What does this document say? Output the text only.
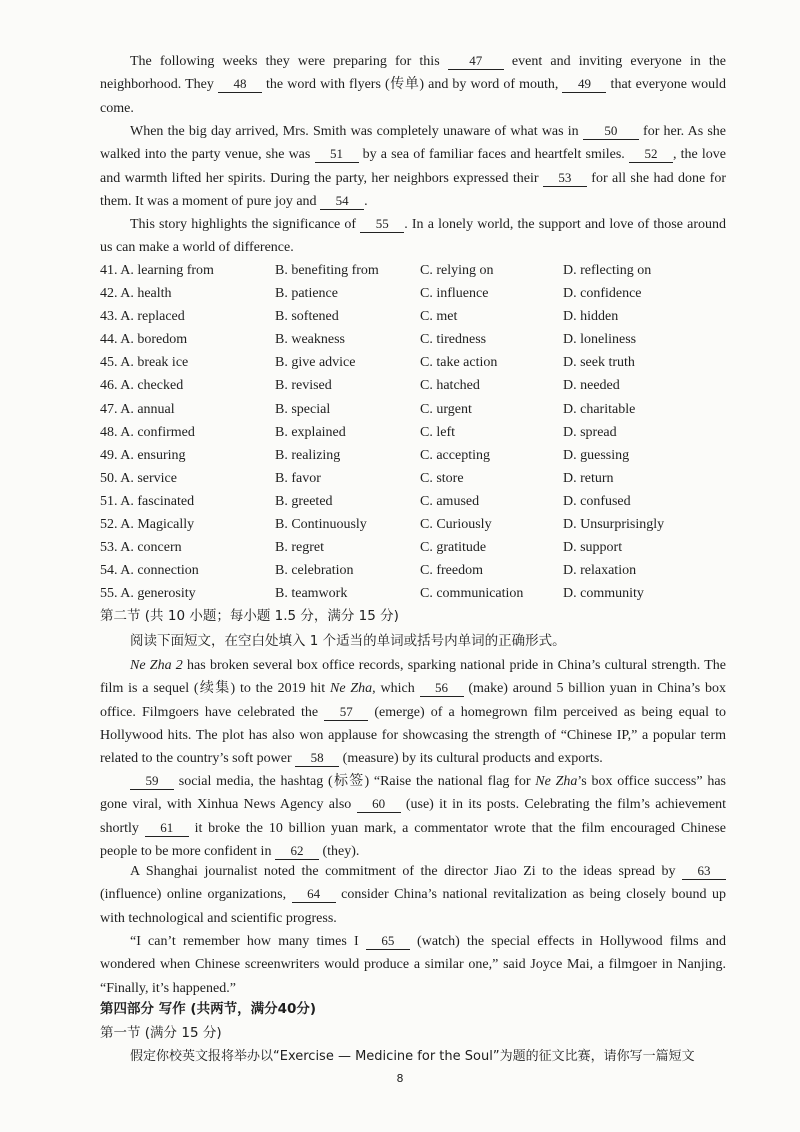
The following weeks they were preparing for this 47 event and inviting everyone in the neighborhood. They 48 the word with flyers (传单) and by word of mouth, 49 that everyone would come.

When the big day arrived, Mrs. Smith was completely unaware of what was in 50 for her. As she walked into the party venue, she was 51 by a sea of familiar faces and heartfelt smiles. 52 , the love and warmth lifted her spirits. During the party, her neighbors expressed their 53 for all she had done for them. It was a moment of pure joy and 54 .

This story highlights the significance of 55 . In a lonely world, the support and love of those around us can make a world of difference.

41. A. learning from	B. benefiting from	C. relying on	D. reflecting on
42. A. health	B. patience	C. influence	D. confidence
43. A. replaced	B. softened	C. met	D. hidden
44. A. boredom	B. weakness	C. tiredness	D. loneliness
45. A. break ice	B. give advice	C. take action	D. seek truth
46. A. checked	B. revised	C. hatched	D. needed
47. A. annual	B. special	C. urgent	D. charitable
48. A. confirmed	B. explained	C. left	D. spread
49. A. ensuring	B. realizing	C. accepting	D. guessing
50. A. service	B. favor	C. store	D. return
51. A. fascinated	B. greeted	C. amused	D. confused
52. A. Magically	B. Continuously	C. Curiously	D. Unsurprisingly
53. A. concern	B. regret	C. gratitude	D. support
54. A. connection	B. celebration	C. freedom	D. relaxation
55. A. generosity	B. teamwork	C. communication	D. community
第二节 (共 10 小题；每小题 1.5 分，满分 15 分)
阅读下面短文，在空白处填入 1 个适当的单词或括号内单词的正确形式。

Ne Zha 2 has broken several box office records, sparking national pride in China’s cultural strength. The film is a sequel (续集) to the 2019 hit Ne Zha, which 56 (make) around 5 billion yuan in China’s box office. Filmgoers have celebrated the 57 (emerge) of a homegrown film perceived as being equal to Hollywood hits. The plot has also won applause for showcasing the strength of “Chinese IP,” a popular term related to the country’s soft power 58 (measure) by its cultural products and exports.

59 social media, the hashtag (标签) “Raise the national flag for Ne Zha’s box office success” has gone viral, with Xinhua News Agency also 60 (use) it in its posts. Celebrating the film’s achievement shortly 61 it broke the 10 billion yuan mark, a commentator wrote that the film encouraged Chinese people to be more confident in 62 (they).

A Shanghai journalist noted the commitment of the director Jiao Zi to the ideas spread by 63 (influence) online organizations, 64 consider China’s national revitalization as being closely bound up with technological and scientific progress.

“I can’t remember how many times I 65 (watch) the special effects in Hollywood films and wondered when Chinese screenwriters would produce a similar one,” said Joyce Mai, a filmgoer in Nanjing. “Finally, it’s happened.”

第四部分 写作 (共两节，满分40分)
第一节 (满分 15 分)
假定你校英文报将举办以“Exercise — Medicine for the Soul”为题的征文比赛，请你写一篇短文
8
